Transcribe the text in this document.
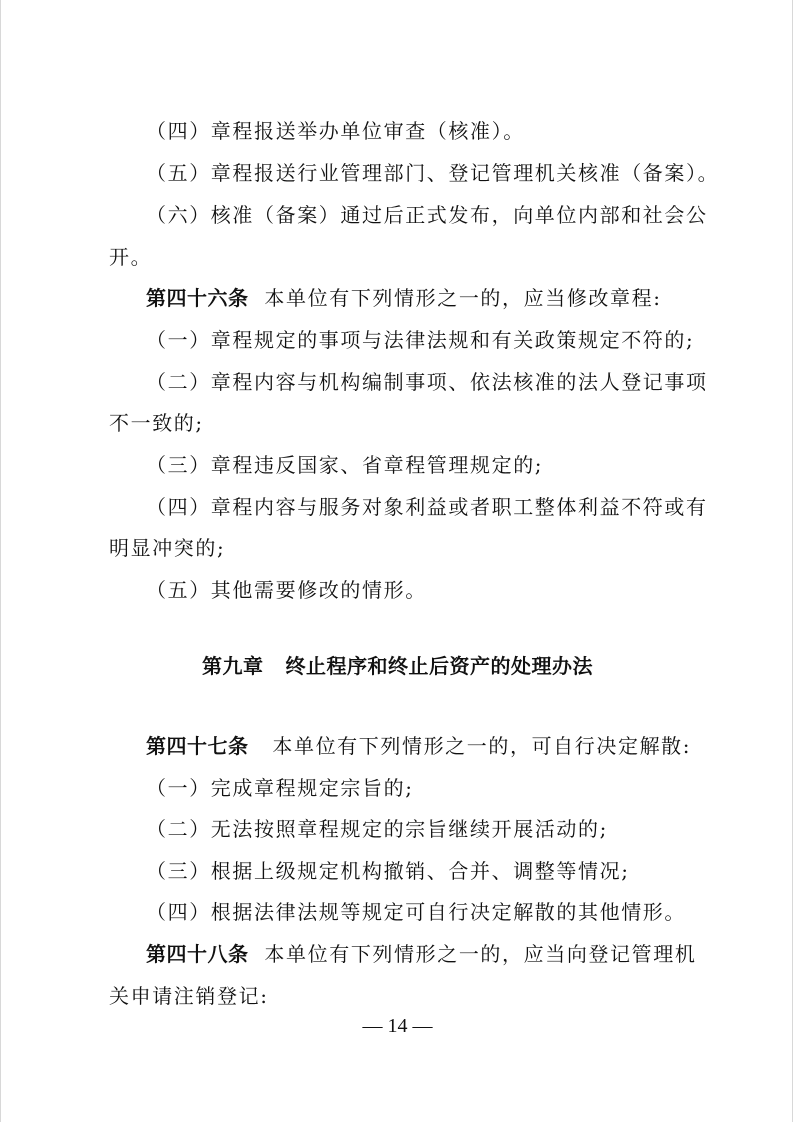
（四）章程报送举办单位审查（核准）。
（五）章程报送行业管理部门、登记管理机关核准（备案）。
（六）核准（备案）通过后正式发布，向单位内部和社会公
开。
第四十六条 本单位有下列情形之一的，应当修改章程:
（一）章程规定的事项与法律法规和有关政策规定不符的;
（二）章程内容与机构编制事项、依法核准的法人登记事项
不一致的;
（三）章程违反国家、省章程管理规定的;
（四）章程内容与服务对象利益或者职工整体利益不符或有
明显冲突的;
（五）其他需要修改的情形。
第九章 终止程序和终止后资产的处理办法
第四十七条 本单位有下列情形之一的，可自行决定解散:
（一）完成章程规定宗旨的;
（二）无法按照章程规定的宗旨继续开展活动的;
（三）根据上级规定机构撤销、合并、调整等情况;
（四）根据法律法规等规定可自行决定解散的其他情形。
第四十八条 本单位有下列情形之一的，应当向登记管理机
关申请注销登记:
— 14 —
